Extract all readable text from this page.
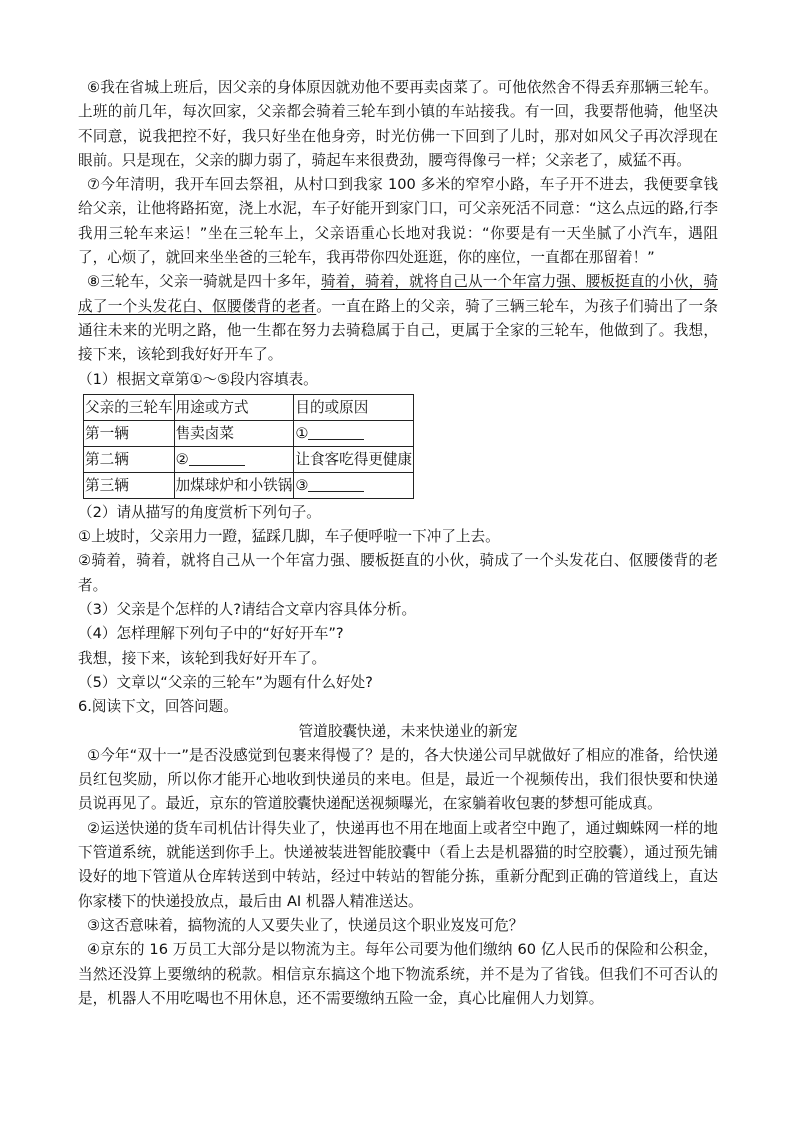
⑥我在省城上班后，因父亲的身体原因就劝他不要再卖卤菜了。可他依然舍不得丢弃那辆三轮车。上班的前几年，每次回家，父亲都会骑着三轮车到小镇的车站接我。有一回，我要帮他骑，他坚决不同意，说我把控不好，我只好坐在他身旁，时光仿佛一下回到了儿时，那对如风父子再次浮现在眼前。只是现在，父亲的脚力弱了，骑起车来很费劲，腰弯得像弓一样；父亲老了，威猛不再。

⑦今年清明，我开车回去祭祖，从村口到我家 100 多米的窄窄小路，车子开不进去，我便要拿钱给父亲，让他将路拓宽，浇上水泥，车子好能开到家门口，可父亲死活不同意：“这么点远的路,行李我用三轮车来运！”坐在三轮车上，父亲语重心长地对我说：“你要是有一天坐腻了小汽车，遇阻了，心烦了，就回来坐坐爸的三轮车，我再带你四处逛逛，你的座位，一直都在那留着！”

⑧三轮车，父亲一骑就是四十多年，骑着，骑着，就将自己从一个年富力强、腰板挺直的小伙，骑成了一个头发花白、伛腰偻背的老者。一直在路上的父亲，骑了三辆三轮车，为孩子们骑出了一条通往未来的光明之路，他一生都在努力去骑稳属于自己，更属于全家的三轮车，他做到了。我想，接下来，该轮到我好好开车了。

（1）根据文章第①～⑤段内容填表。

父亲的三轮车	用途或方式	目的或原因
第一辆	售卖卤菜	①
第二辆	②	让食客吃得更健康
第三辆	加煤球炉和小铁锅	③

（2）请从描写的角度赏析下列句子。

①上坡时，父亲用力一蹬，猛踩几脚，车子便呼啦一下冲了上去。

②骑着，骑着，就将自己从一个年富力强、腰板挺直的小伙，骑成了一个头发花白、伛腰偻背的老者。

（3）父亲是个怎样的人?请结合文章内容具体分析。

（4）怎样理解下列句子中的“好好开车”?

我想，接下来，该轮到我好好开车了。

（5）文章以“父亲的三轮车”为题有什么好处?

6.阅读下文，回答问题。

管道胶囊快递，未来快递业的新宠

①今年“双十一”是否没感觉到包裹来得慢了？是的，各大快递公司早就做好了相应的准备，给快递员红包奖励，所以你才能开心地收到快递员的来电。但是，最近一个视频传出，我们很快要和快递员说再见了。最近，京东的管道胶囊快递配送视频曝光，在家躺着收包裹的梦想可能成真。

②运送快递的货车司机估计得失业了，快递再也不用在地面上或者空中跑了，通过蜘蛛网一样的地下管道系统，就能送到你手上。快递被装进智能胶囊中（看上去是机器猫的时空胶囊），通过预先铺设好的地下管道从仓库转送到中转站，经过中转站的智能分拣，重新分配到正确的管道线上，直达你家楼下的快递投放点，最后由 AI 机器人精准送达。

③这否意味着，搞物流的人又要失业了，快递员这个职业岌岌可危？

④京东的 16 万员工大部分是以物流为主。每年公司要为他们缴纳 60 亿人民币的保险和公积金，当然还没算上要缴纳的税款。相信京东搞这个地下物流系统，并不是为了省钱。但我们不可否认的是，机器人不用吃喝也不用休息，还不需要缴纳五险一金，真心比雇佣人力划算。
